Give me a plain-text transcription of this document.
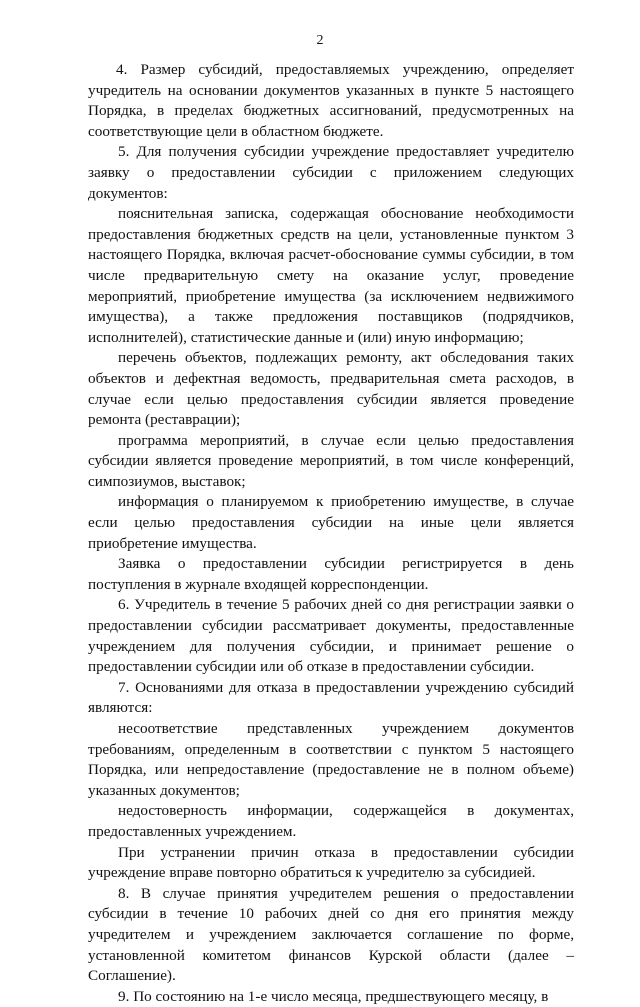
2

4. Размер субсидий, предоставляемых учреждению, определяет учредитель на основании документов указанных в пункте 5 настоящего Порядка, в пределах бюджетных ассигнований, предусмотренных на соответствующие цели в областном бюджете.

5. Для получения субсидии учреждение предоставляет учредителю заявку о предоставлении субсидии с приложением следующих документов:

пояснительная записка, содержащая обоснование необходимости предоставления бюджетных средств на цели, установленные пунктом 3 настоящего Порядка, включая расчет-обоснование суммы субсидии, в том числе предварительную смету на оказание услуг, проведение мероприятий, приобретение имущества (за исключением недвижимого имущества), а также предложения поставщиков (подрядчиков, исполнителей), статистические данные и (или) иную информацию;

перечень объектов, подлежащих ремонту, акт обследования таких объектов и дефектная ведомость, предварительная смета расходов, в случае если целью предоставления субсидии является проведение ремонта (реставрации);

программа мероприятий, в случае если целью предоставления субсидии является проведение мероприятий, в том числе конференций, симпозиумов, выставок;

информация о планируемом к приобретению имуществе, в случае если целью предоставления субсидии на иные цели является приобретение имущества.

Заявка о предоставлении субсидии регистрируется в день поступления в журнале входящей корреспонденции.

6. Учредитель в течение 5 рабочих дней со дня регистрации заявки о предоставлении субсидии рассматривает документы, предоставленные учреждением для получения субсидии, и принимает решение о предоставлении субсидии или об отказе в предоставлении субсидии.

7. Основаниями для отказа в предоставлении учреждению субсидий являются:

несоответствие представленных учреждением документов требованиям, определенным в соответствии с пунктом 5 настоящего Порядка, или непредоставление (предоставление не в полном объеме) указанных документов;

недостоверность информации, содержащейся в документах, предоставленных учреждением.

При устранении причин отказа в предоставлении субсидии учреждение вправе повторно обратиться к учредителю за субсидией.

8. В случае принятия учредителем решения о предоставлении субсидии в течение 10 рабочих дней со дня его принятия между учредителем и учреждением заключается соглашение по форме, установленной комитетом финансов Курской области (далее – Соглашение).

9. По состоянию на 1-е число месяца, предшествующего месяцу, в
